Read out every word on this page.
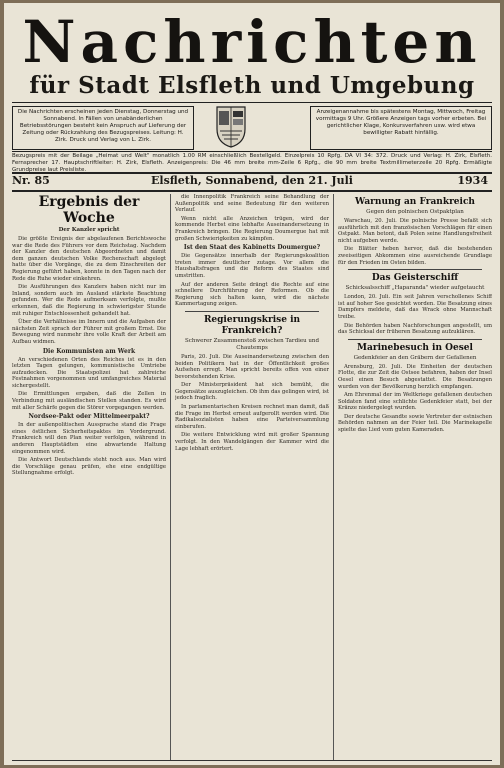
Nachrichten
für Stadt Elsfleth und Umgebung
Die Nachrichten erscheinen jeden Dienstag, Donnerstag und Sonnabend. In Fällen von unabänderlichen Betriebsstörungen besteht kein Anspruch auf Lieferung der Zeitung oder Rückzahlung des Bezugspreises. Leitung: H. Zirk. Druck und Verlag von L. Zirk.
Anzeigenannahme bis spätestens Montag, Mittwoch, Freitag vormittags 9 Uhr. Größere Anzeigen tags vorher erbeten. Bei gerichtlicher Klage, Konkursverfahren usw. wird etwa bewilligter Rabatt hinfällig.
Bezugspreis mit der Beilage „Heimat und Welt" monatlich 1.00 RM einschließlich Bestellgeld. Einzelpreis 10 Rpfg. DA VI 34: 372. Druck und Verlag: H. Zirk, Elsfleth. Fernsprecher 17. Hauptschriftleiter: H. Zirk, Elsfleth. Anzeigenpreis: Die 46 mm breite mm-Zeile 6 Rpfg., die 90 mm breite Textmillimeterzeile 20 Rpfg. Ermäßigte Grundpreise laut Preisliste.
Nr. 85	Elsfleth, Sonnabend, den 21. Juli	1934
Ergebnis der Woche
Der Kanzler spricht

Die größte Ereignis der abgelaufenen Berichtswoche war die Rede des Führers vor dem Reichstag. Nachdem der Kanzler den deutschen Abgeordneten und damit dem ganzen deutschen Volke Rechenschaft abgelegt hatte über die Vorgänge, die zu dem Einschreiten der Regierung geführt haben, konnte in den Tagen nach der Rede die Ruhe wieder einkehren.

Die Ausführungen des Kanzlers haben nicht nur im Inland, sondern auch im Ausland stärkste Beachtung gefunden. Wer die Rede aufmerksam verfolgte, mußte erkennen, daß die Regierung in schwierigster Stunde mit ruhiger Entschlossenheit gehandelt hat.

Über die Verhältnisse im Innern und die Aufgaben der nächsten Zeit sprach der Führer mit großem Ernst. Die Bewegung wird nunmehr ihre volle Kraft der Arbeit am Aufbau widmen.

Die Kommunisten am Werk

An verschiedenen Orten des Reiches ist es in den letzten Tagen gelungen, kommunistische Umtriebe aufzudecken. Die Staatspolizei hat zahlreiche Festnahmen vorgenommen und umfangreiches Material sichergestellt.

Die Ermittlungen ergaben, daß die Zellen in Verbindung mit ausländischen Stellen standen. Es wird mit aller Schärfe gegen die Störer vorgegangen werden.

Nordsee-Pakt oder Mittelmeerpakt?

In der außenpolitischen Aussprache stand die Frage eines östlichen Sicherheitspaktes im Vordergrund. Frankreich will den Plan weiter verfolgen, während in anderen Hauptstädten eine abwartende Haltung eingenommen wird.

Die Antwort Deutschlands steht noch aus. Man wird die Vorschläge genau prüfen, ehe eine endgültige Stellungnahme erfolgt.

die Innenpolitik Frankreich seine Behandlung der Außenpolitik und seine Bedeutung für den weiteren Verlauf.

Wenn nicht alle Anzeichen trügen, wird der kommende Herbst eine lebhafte Auseinandersetzung in Frankreich bringen. Die Regierung Doumergue hat mit großen Schwierigkeiten zu kämpfen.

Ist den Staat des Kabinetts Doumergue?

Die Gegensätze innerhalb der Regierungskoalition treten immer deutlicher zutage. Vor allem die Haushaltsfragen und die Reform des Staates sind umstritten.

Auf der anderen Seite drängt die Rechte auf eine schnellere Durchführung der Reformen. Ob die Regierung sich halten kann, wird die nächste Kammertagung zeigen.

Regierungskrise in Frankreich?
Schwerer Zusammenstoß zwischen Tardieu und Chautemps

Paris, 20. Juli. Die Auseinandersetzung zwischen den beiden Politikern hat in der Öffentlichkeit großes Aufsehen erregt. Man spricht bereits offen von einer bevorstehenden Krise.

Der Ministerpräsident hat sich bemüht, die Gegensätze auszugleichen. Ob ihm das gelingen wird, ist jedoch fraglich.

In parlamentarischen Kreisen rechnet man damit, daß die Frage im Herbst erneut aufgerollt werden wird. Die Radikalsozialisten haben eine Parteiversammlung einberufen.

Die weitere Entwicklung wird mit großer Spannung verfolgt. In den Wandelgängen der Kammer wird die Lage lebhaft erörtert.

Warnung an Frankreich
Gegen den polnischen Ostpaktplan

Warschau, 20. Juli. Die polnische Presse befaßt sich ausführlich mit den französischen Vorschlägen für einen Ostpakt. Man betont, daß Polen seine Handlungsfreiheit nicht aufgeben werde.

Die Blätter heben hervor, daß die bestehenden zweiseitigen Abkommen eine ausreichende Grundlage für den Frieden im Osten bilden.

Das Geisterschiff
Schicksalsschiff „Haparanda" wieder aufgetaucht

London, 20. Juli. Ein seit Jahren verschollenes Schiff ist auf hoher See gesichtet worden. Die Besatzung eines Dampfers meldete, daß das Wrack ohne Mannschaft treibe.

Die Behörden haben Nachforschungen angestellt, um das Schicksal der früheren Besatzung aufzuklären.

Marinebesuch in Oesel
Gedenkfeier an den Gräbern der Gefallenen

Arensburg, 20. Juli. Die Einheiten der deutschen Flotte, die zur Zeit die Ostsee befahren, haben der Insel Oesel einen Besuch abgestattet. Die Besatzungen wurden von der Bevölkerung herzlich empfangen.

Am Ehrenmal der im Weltkriege gefallenen deutschen Soldaten fand eine schlichte Gedenkfeier statt, bei der Kränze niedergelegt wurden.

Der deutsche Gesandte sowie Vertreter der estnischen Behörden nahmen an der Feier teil. Die Marinekapelle spielte das Lied vom guten Kameraden.
